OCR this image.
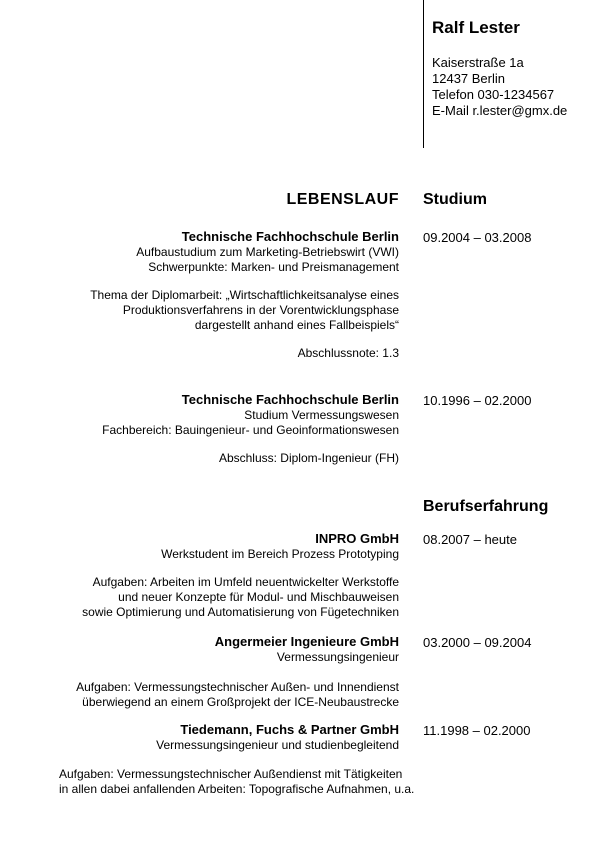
Ralf Lester
Kaiserstraße 1a
12437 Berlin
Telefon 030-1234567
E-Mail r.lester@gmx.de
LEBENSLAUF Studium
Technische Fachhochschule Berlin
Aufbaustudium zum Marketing-Betriebswirt (VWI)
Schwerpunkte: Marken- und Preismanagement
09.2004 – 03.2008
Thema der Diplomarbeit: „Wirtschaftlichkeitsanalyse eines
Produktionsverfahrens in der Vorentwicklungsphase
dargestellt anhand eines Fallbeispiels“
Abschlussnote: 1.3
Technische Fachhochschule Berlin
Studium Vermessungswesen
Fachbereich: Bauingenieur- und Geoinformationswesen
10.1996 – 02.2000
Abschluss: Diplom-Ingenieur (FH)
Berufserfahrung
INPRO GmbH
Werkstudent im Bereich Prozess Prototyping
08.2007 – heute
Aufgaben: Arbeiten im Umfeld neuentwickelter Werkstoffe
und neuer Konzepte für Modul- und Mischbauweisen
sowie Optimierung und Automatisierung von Fügetechniken
Angermeier Ingenieure GmbH
Vermessungsingenieur
03.2000 – 09.2004
Aufgaben: Vermessungstechnischer Außen- und Innendienst
überwiegend an einem Großprojekt der ICE-Neubaustrecke
Tiedemann, Fuchs & Partner GmbH
Vermessungsingenieur und studienbegleitend
11.1998 – 02.2000
Aufgaben: Vermessungstechnischer Außendienst mit Tätigkeiten
in allen dabei anfallenden Arbeiten: Topografische Aufnahmen, u.a.
